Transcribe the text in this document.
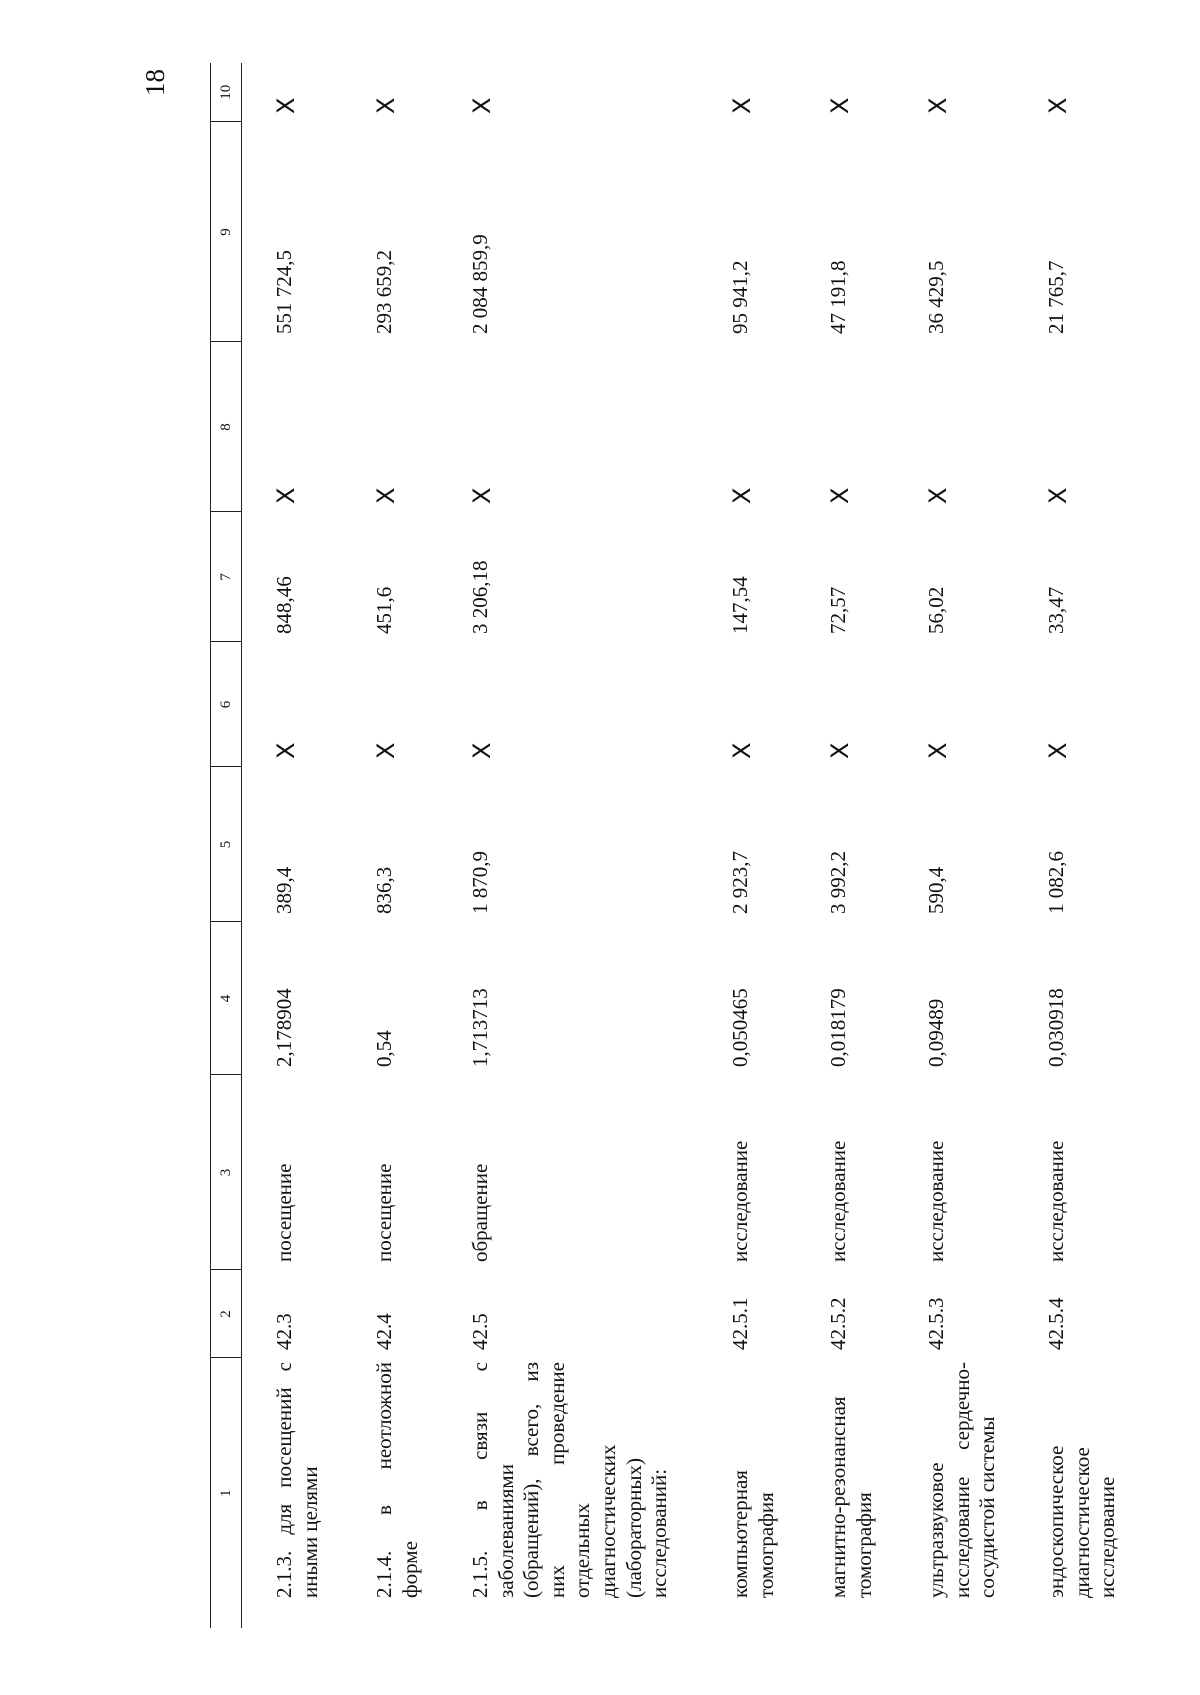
18
1	2	3	4	5	6	7	8	9	10
2.1.3. для посещений с иными целями	42.3	посещение	2,178904	389,4	X	848,46	X	551 724,5	X
2.1.4. в неотложной форме	42.4	посещение	0,54	836,3	X	451,6	X	293 659,2	X
2.1.5. в связи с заболеваниями (обращений), всего, из них проведение отдельных диагностических (лабораторных) исследований:	42.5	обращение	1,713713	1 870,9	X	3 206,18	X	2 084 859,9	X
компьютерная томография	42.5.1	исследование	0,050465	2 923,7	X	147,54	X	95 941,2	X
магнитно-резонансная томография	42.5.2	исследование	0,018179	3 992,2	X	72,57	X	47 191,8	X
ультразвуковое исследование сердечно-сосудистой системы	42.5.3	исследование	0,09489	590,4	X	56,02	X	36 429,5	X
эндоскопическое диагностическое исследование	42.5.4	исследование	0,030918	1 082,6	X	33,47	X	21 765,7	X
